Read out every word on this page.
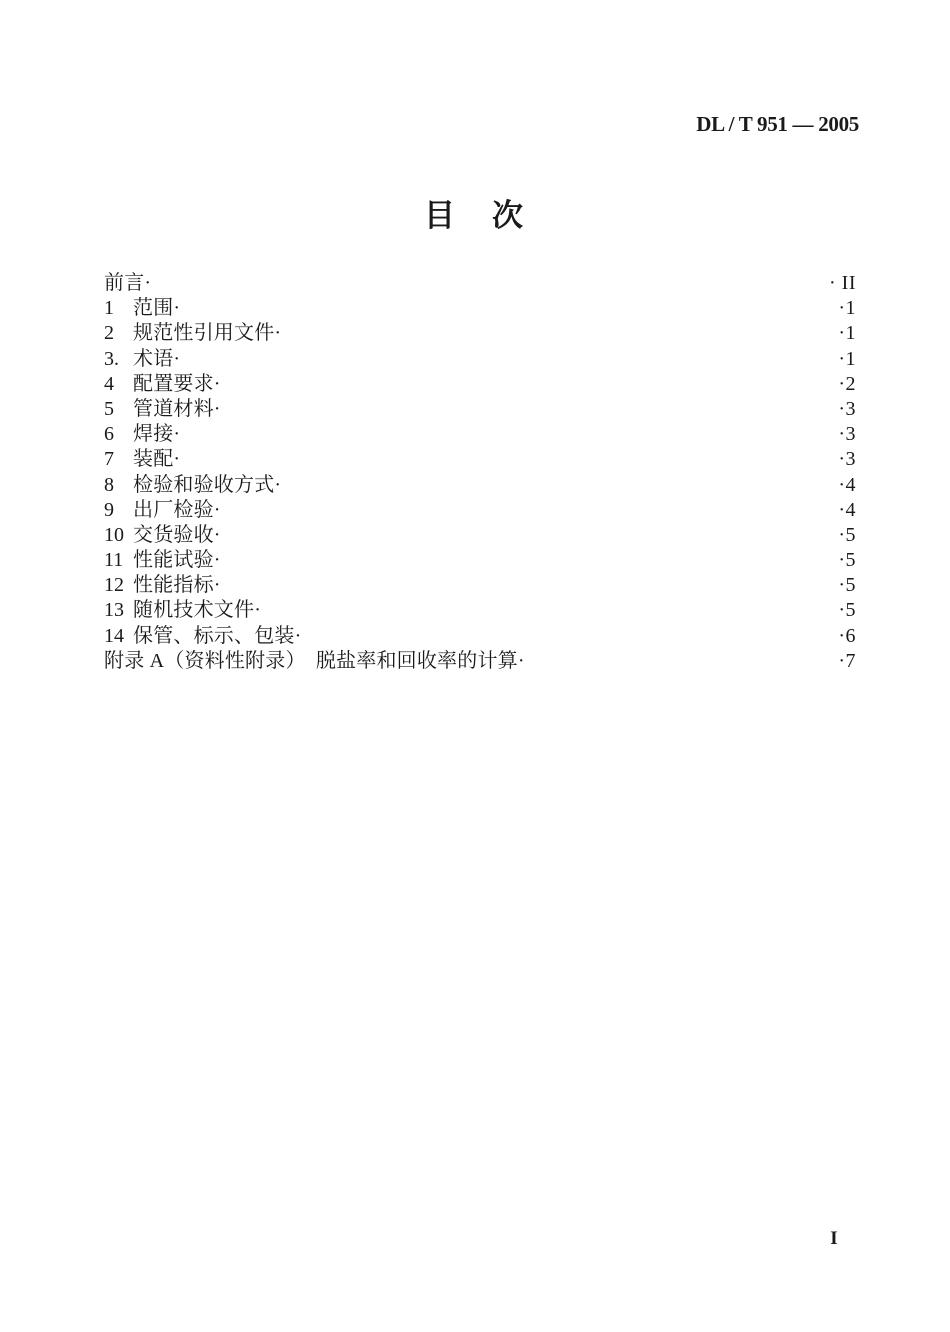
DL / T 951 — 2005
目　次
前言·	· II
1 范围·	·1
2 规范性引用文件·	·1
3. 术语·	·1
4 配置要求·	·2
5 管道材料·	·3
6 焊接·	·3
7 装配·	·3
8 检验和验收方式·	·4
9 出厂检验·	·4
10 交货验收·	·5
11 性能试验·	·5
12 性能指标·	·5
13 随机技术文件·	·5
14 保管、标示、包装·	·6
附录 A（资料性附录）　脱盐率和回收率的计算·	·7
I
